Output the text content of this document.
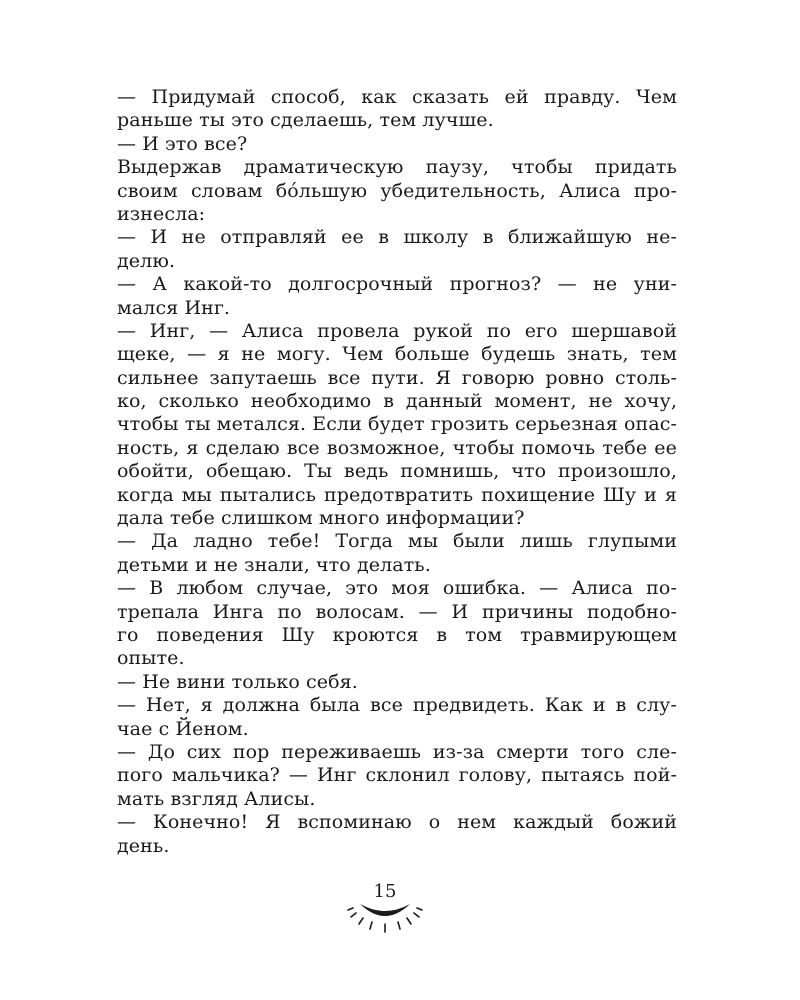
— Придумай способ, как сказать ей правду. Чем
раньше ты это сделаешь, тем лучше.
— И это все?
Выдержав драматическую паузу, чтобы придать
своим словам бóльшую убедительность, Алиса про-
изнесла:
— И не отправляй ее в школу в ближайшую не-
делю.
— А какой-то долгосрочный прогноз? — не уни-
мался Инг.
— Инг, — Алиса провела рукой по его шершавой
щеке, — я не могу. Чем больше будешь знать, тем
сильнее запутаешь все пути. Я говорю ровно столь-
ко, сколько необходимо в данный момент, не хочу,
чтобы ты метался. Если будет грозить серьезная опас-
ность, я сделаю все возможное, чтобы помочь тебе ее
обойти, обещаю. Ты ведь помнишь, что произошло,
когда мы пытались предотвратить похищение Шу и я
дала тебе слишком много информации?
— Да ладно тебе! Тогда мы были лишь глупыми
детьми и не знали, что делать.
— В любом случае, это моя ошибка. — Алиса по-
трепала Инга по волосам. — И причины подобно-
го поведения Шу кроются в том травмирующем
опыте.
— Не вини только себя.
— Нет, я должна была все предвидеть. Как и в слу-
чае с Йеном.
— До сих пор переживаешь из-за смерти того сле-
пого мальчика? — Инг склонил голову, пытаясь пой-
мать взгляд Алисы.
— Конечно! Я вспоминаю о нем каждый божий
день.
15
